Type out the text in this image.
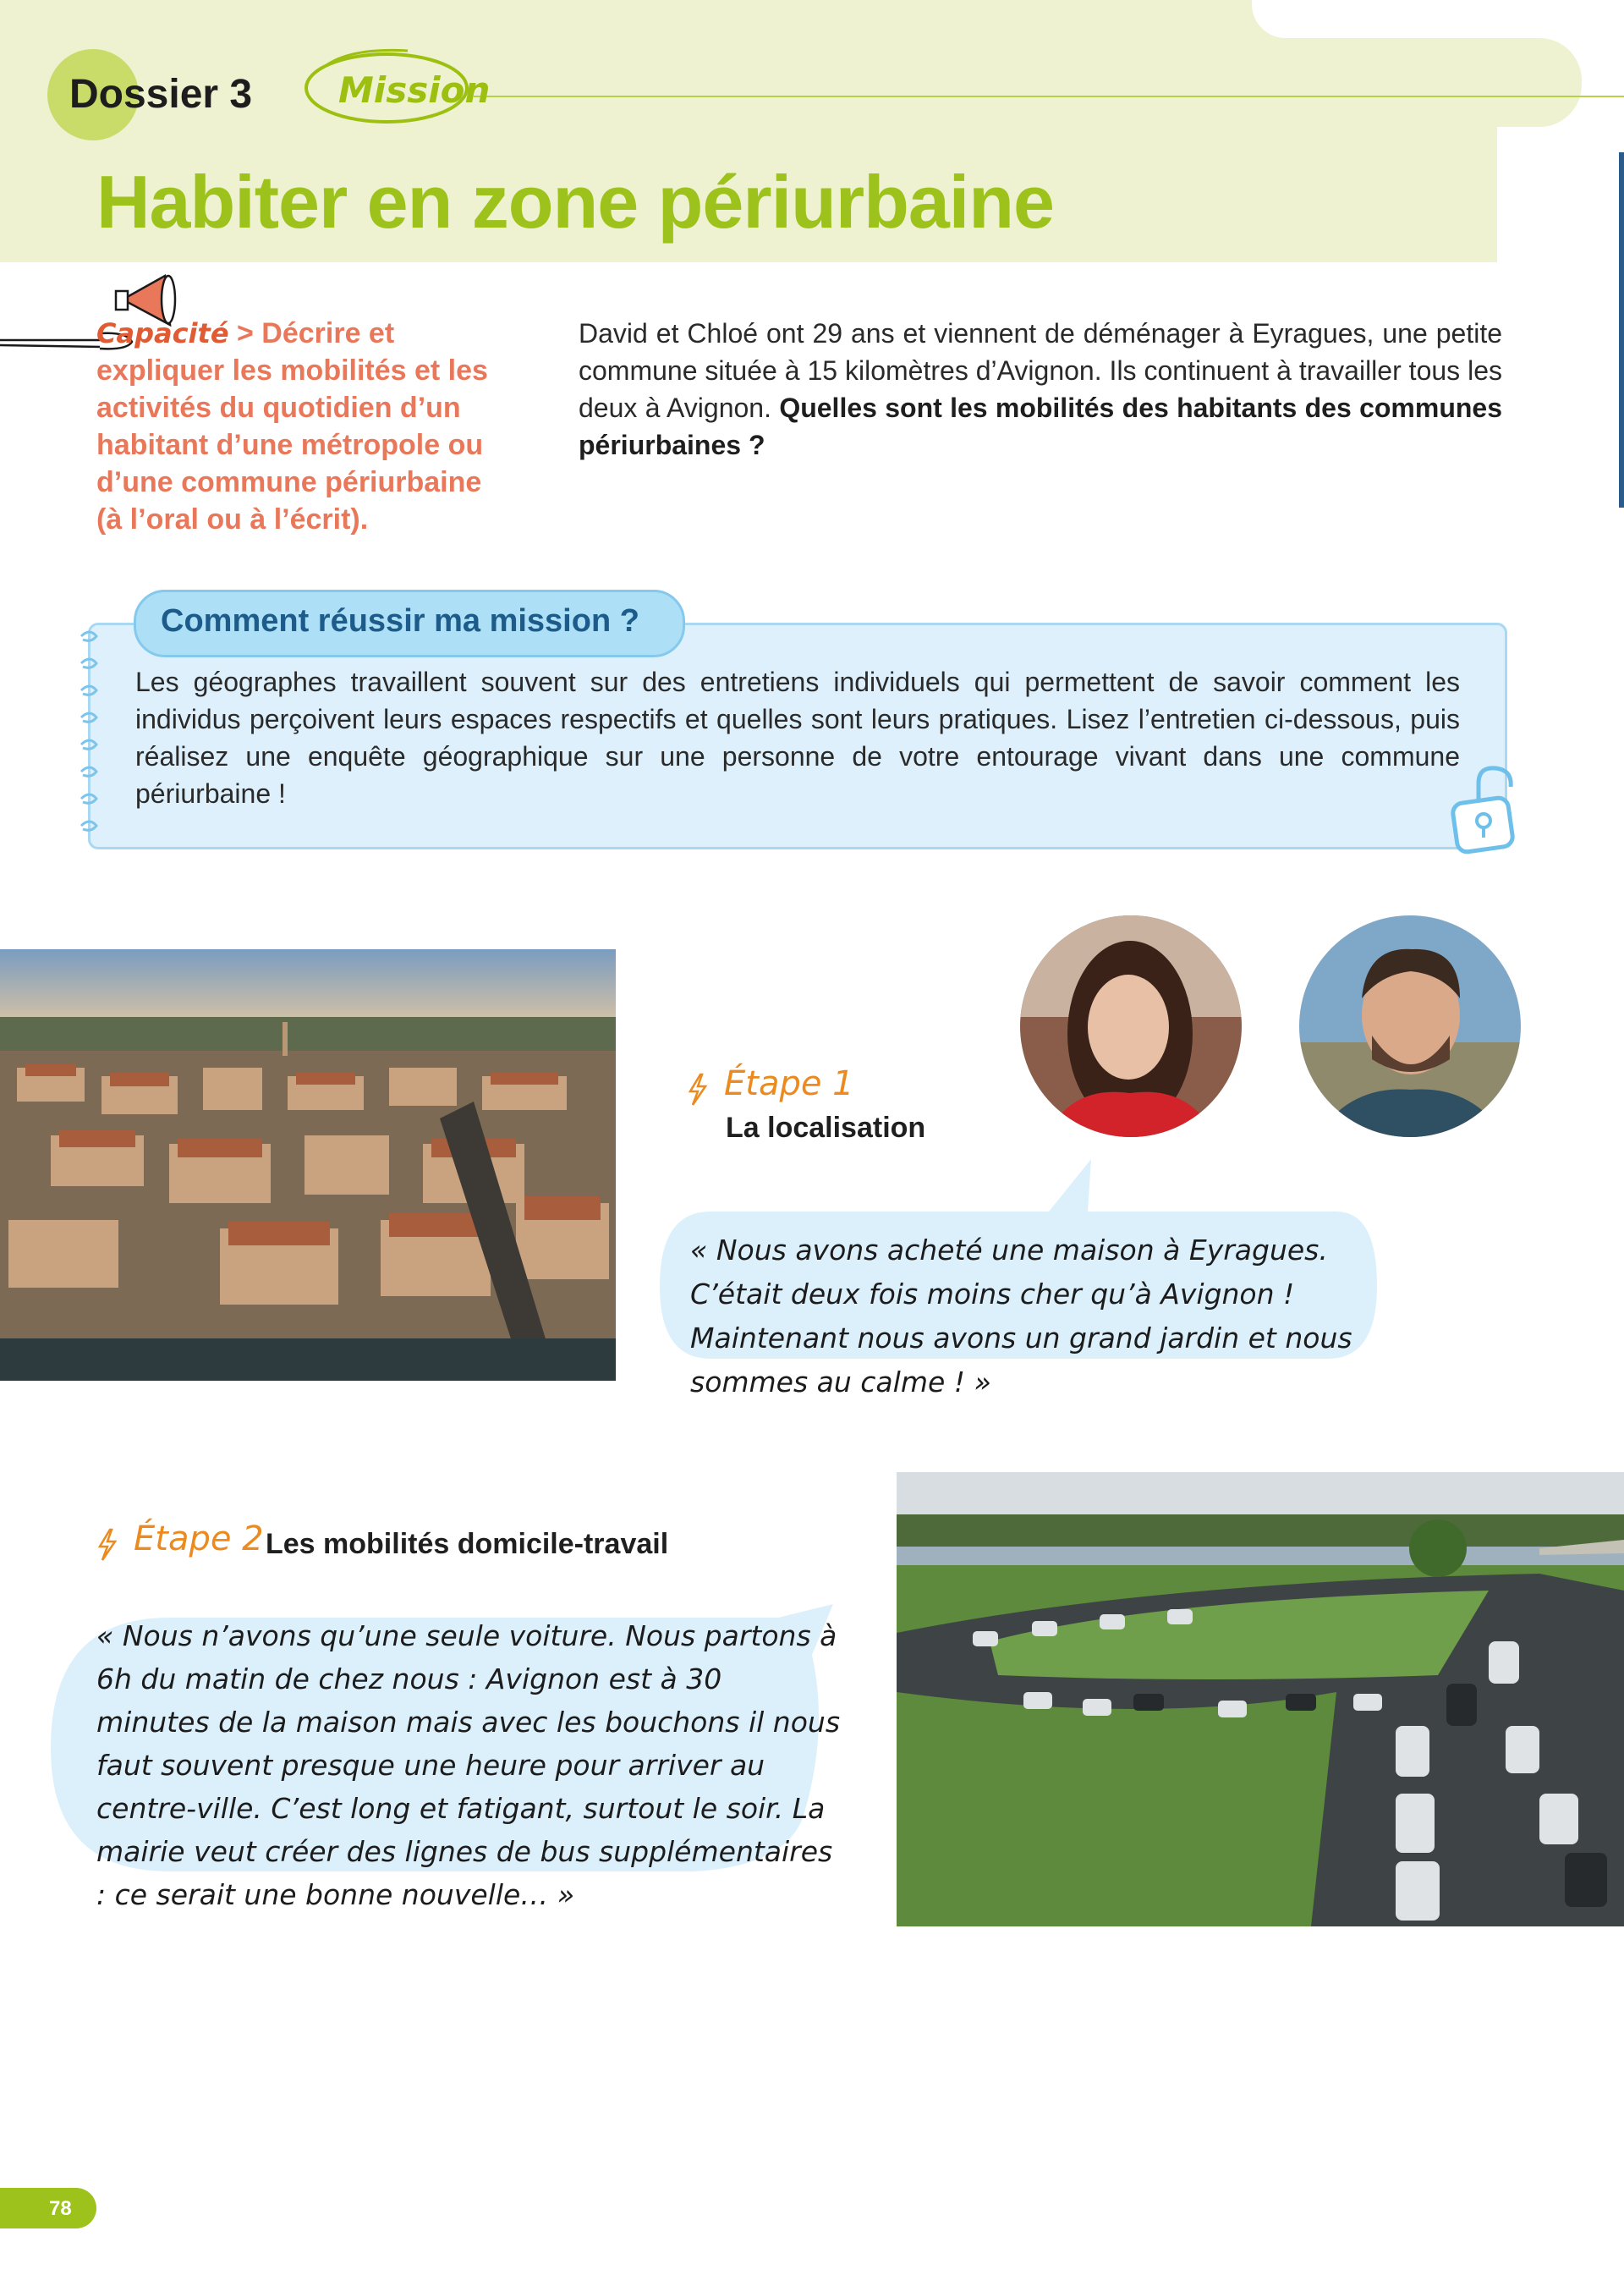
Dossier 3 Mission
Habiter en zone périurbaine
Capacité > Décrire et expliquer les mobilités et les activités du quotidien d’un habitant d’une métropole ou d’une commune périurbaine (à l’oral ou à l’écrit).
David et Chloé ont 29 ans et viennent de déménager à Eyragues, une petite commune située à 15 kilomètres d’Avignon. Ils continuent à travailler tous les deux à Avignon. Quelles sont les mobilités des habitants des communes périurbaines ?
Comment réussir ma mission ?
Les géographes travaillent souvent sur des entretiens individuels qui permettent de savoir comment les individus perçoivent leurs espaces respectifs et quelles sont leurs pratiques. Lisez l’entretien ci-dessous, puis réalisez une enquête géographique sur une personne de votre entourage vivant dans une commune périurbaine !
Étape 1
La localisation
« Nous avons acheté une maison à Eyragues. C’était deux fois moins cher qu’à Avignon ! Maintenant nous avons un grand jardin et nous sommes au calme ! »
Étape 2 Les mobilités domicile-travail
« Nous n’avons qu’une seule voiture. Nous partons à 6h du matin de chez nous : Avignon est à 30 minutes de la maison mais avec les bouchons il nous faut souvent presque une heure pour arriver au centre-ville. C’est long et fatigant, surtout le soir. La mairie veut créer des lignes de bus supplémentaires : ce serait une bonne nouvelle… »
78
